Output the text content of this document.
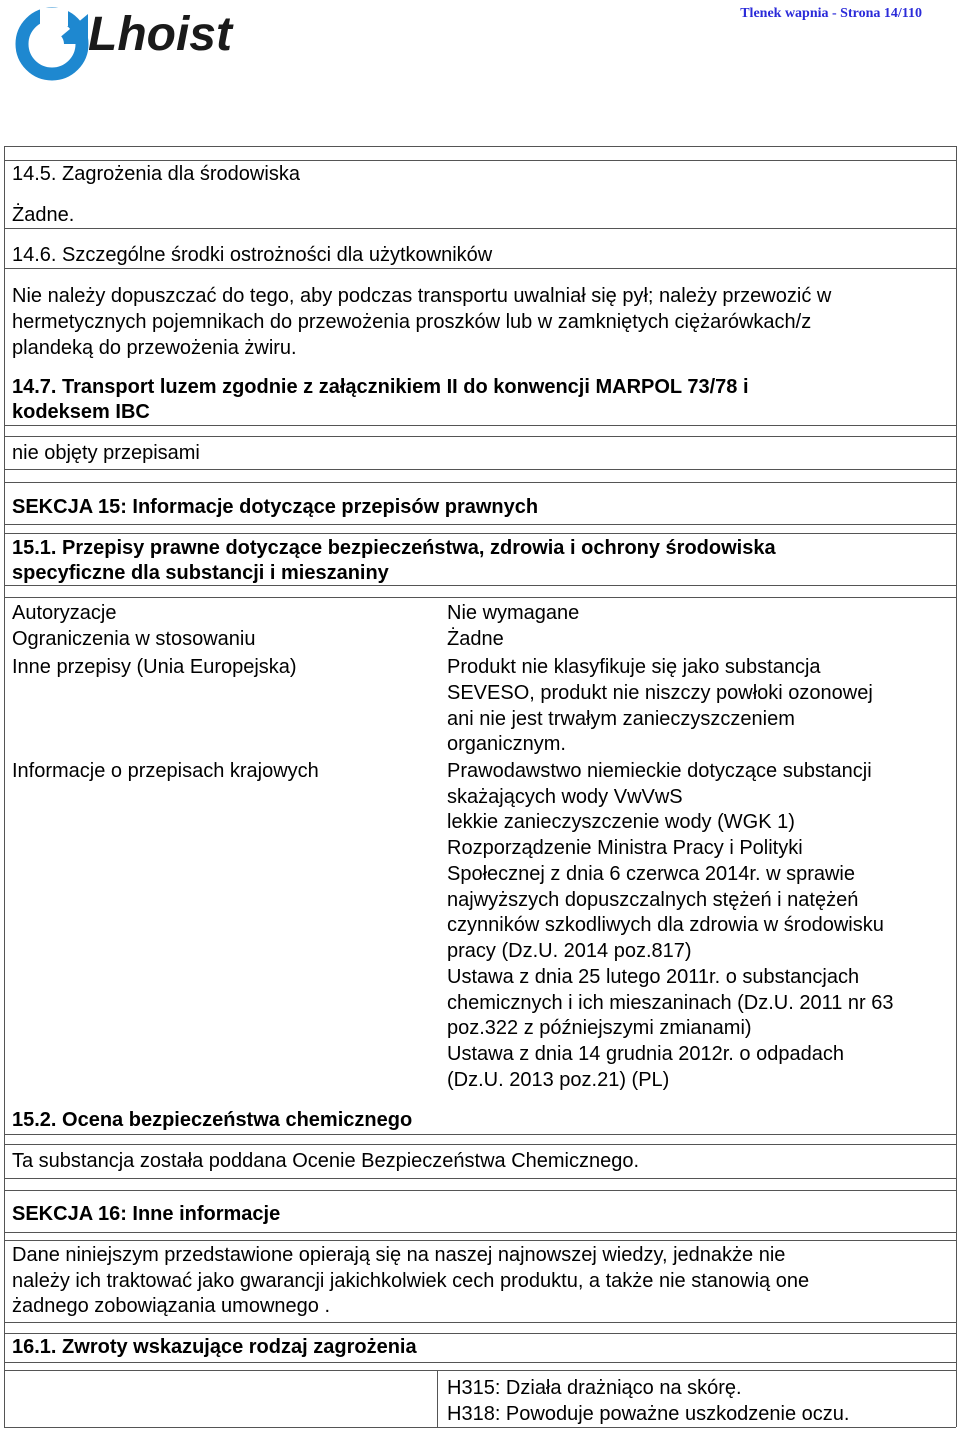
Lhoist	Tlenek wapnia - Strona 14/110
14.5. Zagrożenia dla środowiska
Żadne.
14.6. Szczególne środki ostrożności dla użytkowników
Nie należy dopuszczać do tego, aby podczas transportu uwalniał się pył; należy przewozić w
hermetycznych pojemnikach do przewożenia proszków lub w zamkniętych ciężarówkach/z
plandeką do przewożenia żwiru.
14.7. Transport luzem zgodnie z załącznikiem II do konwencji MARPOL 73/78 i
kodeksem IBC
nie objęty przepisami
SEKCJA 15: Informacje dotyczące przepisów prawnych
15.1. Przepisy prawne dotyczące bezpieczeństwa, zdrowia i ochrony środowiska
specyficzne dla substancji i mieszaniny
Autoryzacje	Nie wymagane
Ograniczenia w stosowaniu	Żadne
Inne przepisy (Unia Europejska)	Produkt nie klasyfikuje się jako substancja
SEVESO, produkt nie niszczy powłoki ozonowej
ani nie jest trwałym zanieczyszczeniem
organicznym.
Informacje o przepisach krajowych	Prawodawstwo niemieckie dotyczące substancji
skażających wody VwVwS
lekkie zanieczyszczenie wody (WGK 1)
Rozporządzenie Ministra Pracy i Polityki
Społecznej z dnia 6 czerwca 2014r. w sprawie
najwyższych dopuszczalnych stężeń i natężeń
czynników szkodliwych dla zdrowia w środowisku
pracy (Dz.U. 2014 poz.817)
Ustawa z dnia 25 lutego 2011r. o substancjach
chemicznych i ich mieszaninach (Dz.U. 2011 nr 63
poz.322 z późniejszymi zmianami)
Ustawa z dnia 14 grudnia 2012r. o odpadach
(Dz.U. 2013 poz.21) (PL)
15.2. Ocena bezpieczeństwa chemicznego
Ta substancja została poddana Ocenie Bezpieczeństwa Chemicznego.
SEKCJA 16: Inne informacje
Dane niniejszym przedstawione opierają się na naszej najnowszej wiedzy, jednakże nie
należy ich traktować jako gwarancji jakichkolwiek cech produktu, a także nie stanowią one
żadnego zobowiązania umownego .
16.1. Zwroty wskazujące rodzaj zagrożenia
H315: Działa drażniąco na skórę.
H318: Powoduje poważne uszkodzenie oczu.
